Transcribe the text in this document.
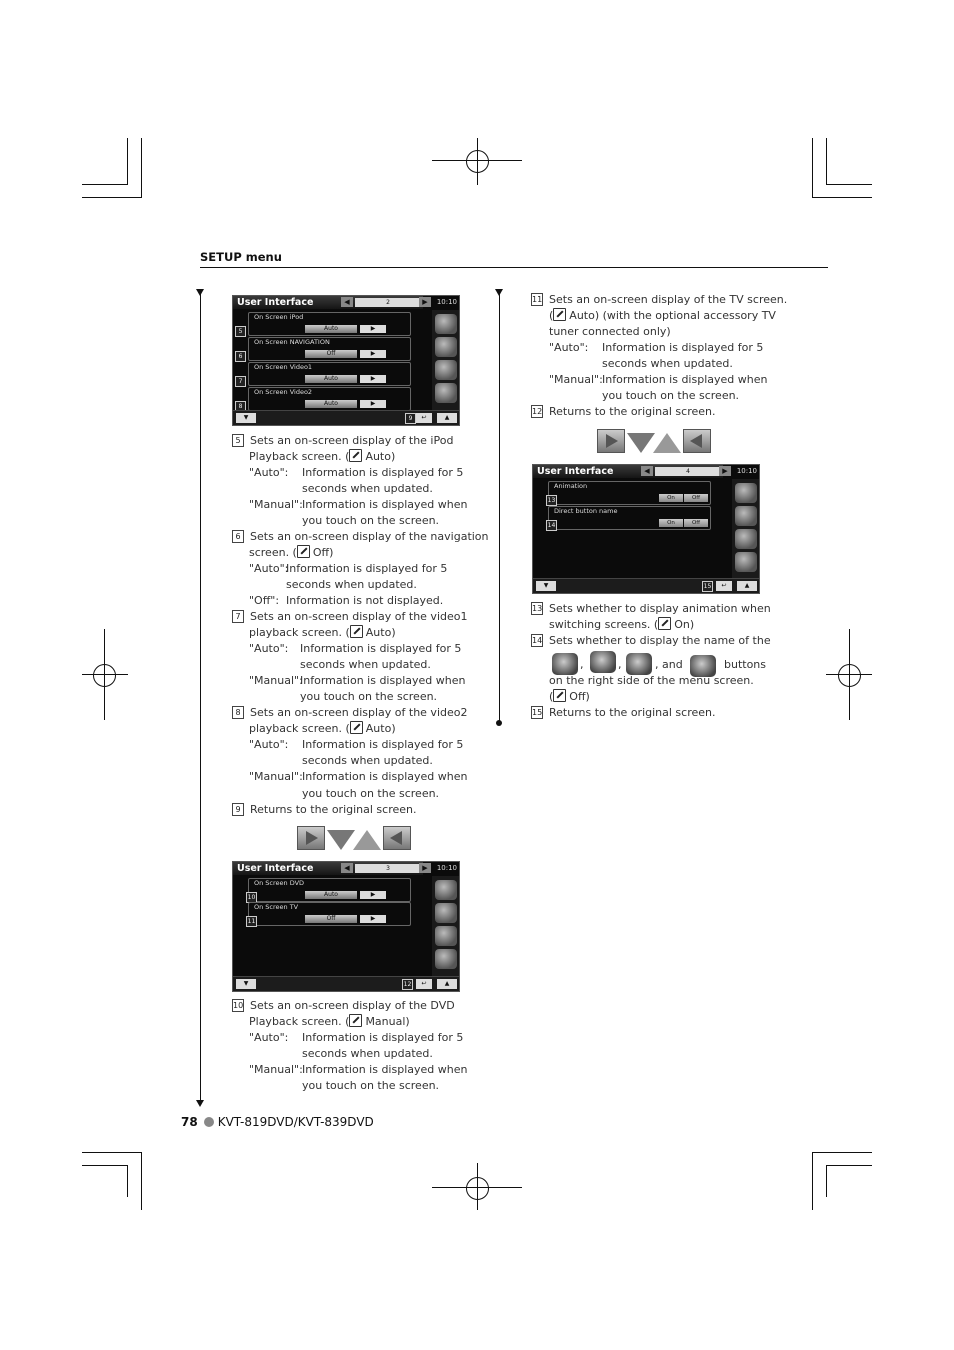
SETUP menu
User Interface	◀	2	▶	10:10
On Screen iPod
5	Auto	▶
On Screen NAVIGATION
6	Off	▶
On Screen Video1
7	Auto	▶
On Screen Video2
8	Auto	▶
▼	9	↩	▲
5 Sets an on-screen display of the iPod
Playback screen. ( Auto)
"Auto": Information is displayed for 5
seconds when updated.
"Manual": Information is displayed when
you touch on the screen.
6 Sets an on-screen display of the navigation
screen. ( Off)
"Auto":
Information is displayed for 5
seconds when updated.
"Off": Information is not displayed.
7 Sets an on-screen display of the video1
playback screen. ( Auto)
"Auto": Information is displayed for 5
seconds when updated.
"Manual":
Information is displayed when
you touch on the screen.
8 Sets an on-screen display of the video2
playback screen. ( Auto)
"Auto": Information is displayed for 5
seconds when updated.
"Manual": Information is displayed when
you touch on the screen.
9 Returns to the original screen.
User Interface	◀	3	▶	10:10
On Screen DVD
10	Auto	▶
On Screen TV
11	Off	▶
▼	12	↩	▲
10 Sets an on-screen display of the DVD
Playback screen. ( Manual)
"Auto": Information is displayed for 5
seconds when updated.
"Manual": Information is displayed when
you touch on the screen.
11 Sets an on-screen display of the TV screen.
( Auto) (with the optional accessory TV
tuner connected only)
"Auto": Information is displayed for 5
seconds when updated.
"Manual": Information is displayed when
you touch on the screen.
12 Returns to the original screen.
User Interface	◀	4	▶	10:10
Animation
13	On	Off
Direct button name
14	On	Off
▼	15	↩	▲
13 Sets whether to display animation when
switching screens. ( On)
14 Sets whether to display the name of the
,	,	, and	buttons
on the right side of the menu screen.
( Off)
15 Returns to the original screen.
78 KVT-819DVD/KVT-839DVD
